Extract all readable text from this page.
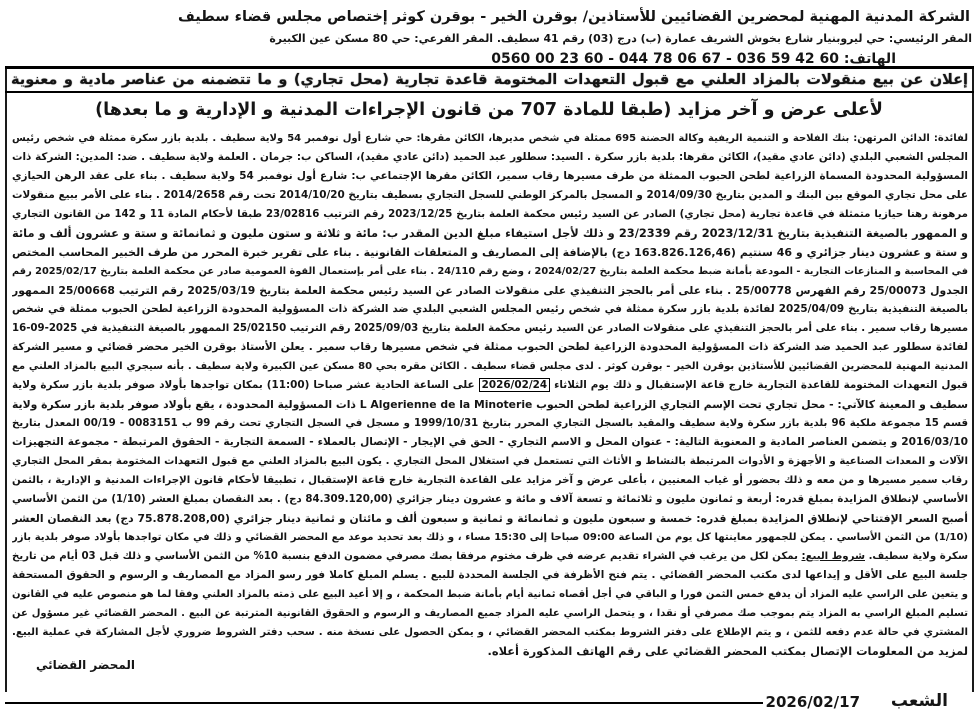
الشركة المدنية المهنية لمحضرين القضائيين للأستاذين/ بوقرن الخير - بوقرن كوثر إختصاص مجلس قضاء سطيف
المقر الرئيسي: حي ليروبنيار شارع بخوش الشريف عمارة (ب) درج (03) رقم 41 سطيف. المقر الفرعي: حي 80 مسكن عين الكبيرة
الهاتف: 0560 00 23 60 - 044 78 06 67 - 036 59 42 60
إعلان عن بيع منقولات بالمزاد العلني مع قبول التعهدات المختومة قاعدة تجارية (محل تجاري) و ما تتضمنه من عناصر مادية و معنوية
لأعلى عرض و آخر مزايد (طبقا للمادة 707 من قانون الإجراءات المدنية و الإدارية و ما بعدها)
لفائدة: الدائن المرتهن: بنك الفلاحة و التنمية الريفية وكالة الحضنة 695 ممثلة في شخص مديرها، الكائن مقرها: حي شارع أول نوفمبر 54 ولاية سطيف . بلدية بازر سكرة ممثلة في شخص رئيس
المجلس الشعبي البلدي (دائن عادي مقيد)، الكائن مقرها: بلدية بازر سكرة . السيد: سطلور عبد الحميد (دائن عادي مقيد)، الساكن ب: جرمان . العلمة ولاية سطيف . ضد: المدين: الشركة ذات
المسؤولية المحدودة المسماة الزراعية لطحن الحبوب الممثلة من طرف مسيرها رقاب سمير، الكائن مقرها الإجتماعي ب: شارع أول نوفمبر 54 ولاية سطيف . بناء على عقد الرهن الحيازي
على محل تجاري الموقع بين البنك و المدين بتاريخ 2014/09/30 و المسجل بالمركز الوطني للسجل التجاري بسطيف بتاريخ 2014/10/20 تحت رقم 2014/2658 . بناء على الأمر ببيع منقولات
مرهونة رهنا حيازيا متمثلة في قاعدة تجارية (محل تجاري) الصادر عن السيد رئيس محكمة العلمة بتاريخ 2023/12/25 رقم الترتيب 23/02816 طبقا لأحكام المادة 11 و 142 من القانون التجاري
و الممهور بالصيغة التنفيذية بتاريخ 2023/12/31 رقم 23/2339 و ذلك لأجل استيفاء مبلغ الدين المقدر ب: مائة و ثلاثة و ستون مليون و ثمانمائة و ستة و عشرون ألف و مائة
و ستة و عشرون دينار جزائري و 46 سنتيم (163.826.126,46 دج) بالإضافة إلى المصاريف و المتعلقات القانونية . بناء على تقرير خبرة المحرر من طرف الخبير المحاسب المختص
في المحاسبة و المنازعات التجارية - المودعة بأمانة ضبط محكمة العلمة بتاريخ 2024/02/27 ، وضع رقم 24/110 . بناء على أمر بإستعمال القوة العمومية صادر عن محكمة العلمة بتاريخ 2025/02/17 رقم
الجدول 25/00073 رقم الفهرس 25/00778 . بناء على أمر بالحجز التنفيذي على منقولات الصادر عن السيد رئيس محكمة العلمة بتاريخ 2025/03/19 رقم الترتيب 25/00668 الممهور
بالصيغة التنفيذية بتاريخ 2025/04/09 لفائدة بلدية بازر سكرة ممثلة في شخص رئيس المجلس الشعبي البلدي ضد الشركة ذات المسؤولية المحدودة الزراعية لطحن الحبوب ممثلة في شخص
مسيرها رقاب سمير . بناء على أمر بالحجز التنفيذي على منقولات الصادر عن السيد رئيس محكمة العلمة بتاريخ 2025/09/03 رقم الترتيب 25/02150 الممهور بالصيغة التنفيذية في 2025-09-16
لفائدة سطلور عبد الحميد ضد الشركة ذات المسؤولية المحدودة الزراعية لطحن الحبوب ممثلة في شخص مسيرها رقاب سمير . يعلن الأستاذ بوقرن الخير محضر قضائي و مسير الشركة
المدنية المهنية للمحضرين القضائيين للأستاذين بوقرن الخير - بوقرن كوثر . لدى مجلس قضاء سطيف . الكائن مقره بحي 80 مسكن عين الكبيرة ولاية سطيف . بأنه سيجري البيع بالمزاد العلني مع
قبول التعهدات المختومة للقاعدة التجارية خارج قاعة الإستقبال و ذلك يوم الثلاثاء 2026/02/24 على الساعة الحادية عشر صباحا (11:00) بمكان تواجدها بأولاد صوفر بلدية بازر سكرة ولاية
سطيف و المعينة كالآتي: - محل تجاري تحت الإسم التجاري الزراعية لطحن الحبوب L Algerienne de la Minoterie ذات المسؤولية المحدودة ، يقع بأولاد صوفر بلدية بازر سكرة ولاية
قسم 15 مجموعة ملكية 96 بلدية بازر سكرة ولاية سطيف والمقيد بالسجل التجاري المحرر بتاريخ 1999/10/31 و مسجل في السجل التجاري تحت رقم 99 ب 0083151 - 00/19 المعدل بتاريخ
2016/03/10 و يتضمن العناصر المادية و المعنوية التالية: - عنوان المحل و الاسم التجاري - الحق في الإيجار - الإتصال بالعملاء - السمعة التجارية - الحقوق المرتبطة - مجموعة التجهيزات
الآلات و المعدات الصناعية و الأجهزة و الأدوات المرتبطة بالنشاط و الأثاث التي تستعمل في استغلال المحل التجاري . يكون البيع بالمزاد العلني مع قبول التعهدات المختومة بمقر المحل التجاري
رقاب سمير مسيرها و من معه و ذلك بحضور أو غياب المعنيين ، بأعلى عرض و آخر مزايد على القاعدة التجارية خارج قاعة الإستقبال ، تطبيقا لأحكام قانون الإجراءات المدنية و الإدارية ، بالثمن
الأساسي لإنطلاق المزايدة بمبلغ قدره: أربعة و ثمانون مليون و ثلاثمائة و تسعة آلاف و مائة و عشرون دينار جزائري (84.309.120,00 دج) . بعد النقصان بمبلغ العشر (1/10) من الثمن الأساسي
أصبح السعر الإفتتاحي لإنطلاق المزايدة بمبلغ قدره: خمسة و سبعون مليون و ثمانمائة و ثمانية و سبعون ألف و مائتان و ثمانية دينار جزائري (75.878.208,00 دج) بعد النقصان العشر
(1/10) من الثمن الأساسي . يمكن للجمهور معاينتها كل يوم من الساعة 09:00 صباحا إلى 15:30 مساء ، و ذلك بعد تحديد موعد مع المحضر القضائي و ذلك في مكان تواجدها بأولاد صوفر بلدية بازر
سكرة ولاية سطيف. شروط البيع: يمكن لكل من يرغب في الشراء تقديم عرضه في ظرف مختوم مرفقا بصك مصرفي مضمون الدفع بنسبة 10% من الثمن الأساسي و ذلك قبل 03 أيام من تاريخ
جلسة البيع على الأقل و إيداعها لدى مكتب المحضر القضائي . يتم فتح الأظرفة في الجلسة المحددة للبيع . يسلم المبلغ كاملا فور رسو المزاد مع المصاريف و الرسوم و الحقوق المستحقة
و يتعين على الراسي عليه المزاد أن يدفع خمس الثمن فورا و الباقي في أجل أقصاه ثمانية أيام بأمانة ضبط المحكمة ، و إلا أعيد البيع على ذمته بالمزاد العلني وفقا لما هو منصوص عليه في القانون
تسليم المبلغ الراسي به المزاد يتم بموجب صك مصرفي أو نقدا ، و يتحمل الراسي عليه المزاد جميع المصاريف و الرسوم و الحقوق القانونية المترتبة عن البيع . المحضر القضائي غير مسؤول عن
المشتري في حالة عدم دفعه للثمن ، و يتم الإطلاع على دفتر الشروط بمكتب المحضر القضائي ، و يمكن الحصول على نسخة منه . سحب دفتر الشروط ضروري لأجل المشاركة في عملية البيع.
لمزيد من المعلومات الإتصال بمكتب المحضر القضائي على رقم الهاتف المذكورة أعلاه.
المحضر القضائي
2026/02/17 الشعب
